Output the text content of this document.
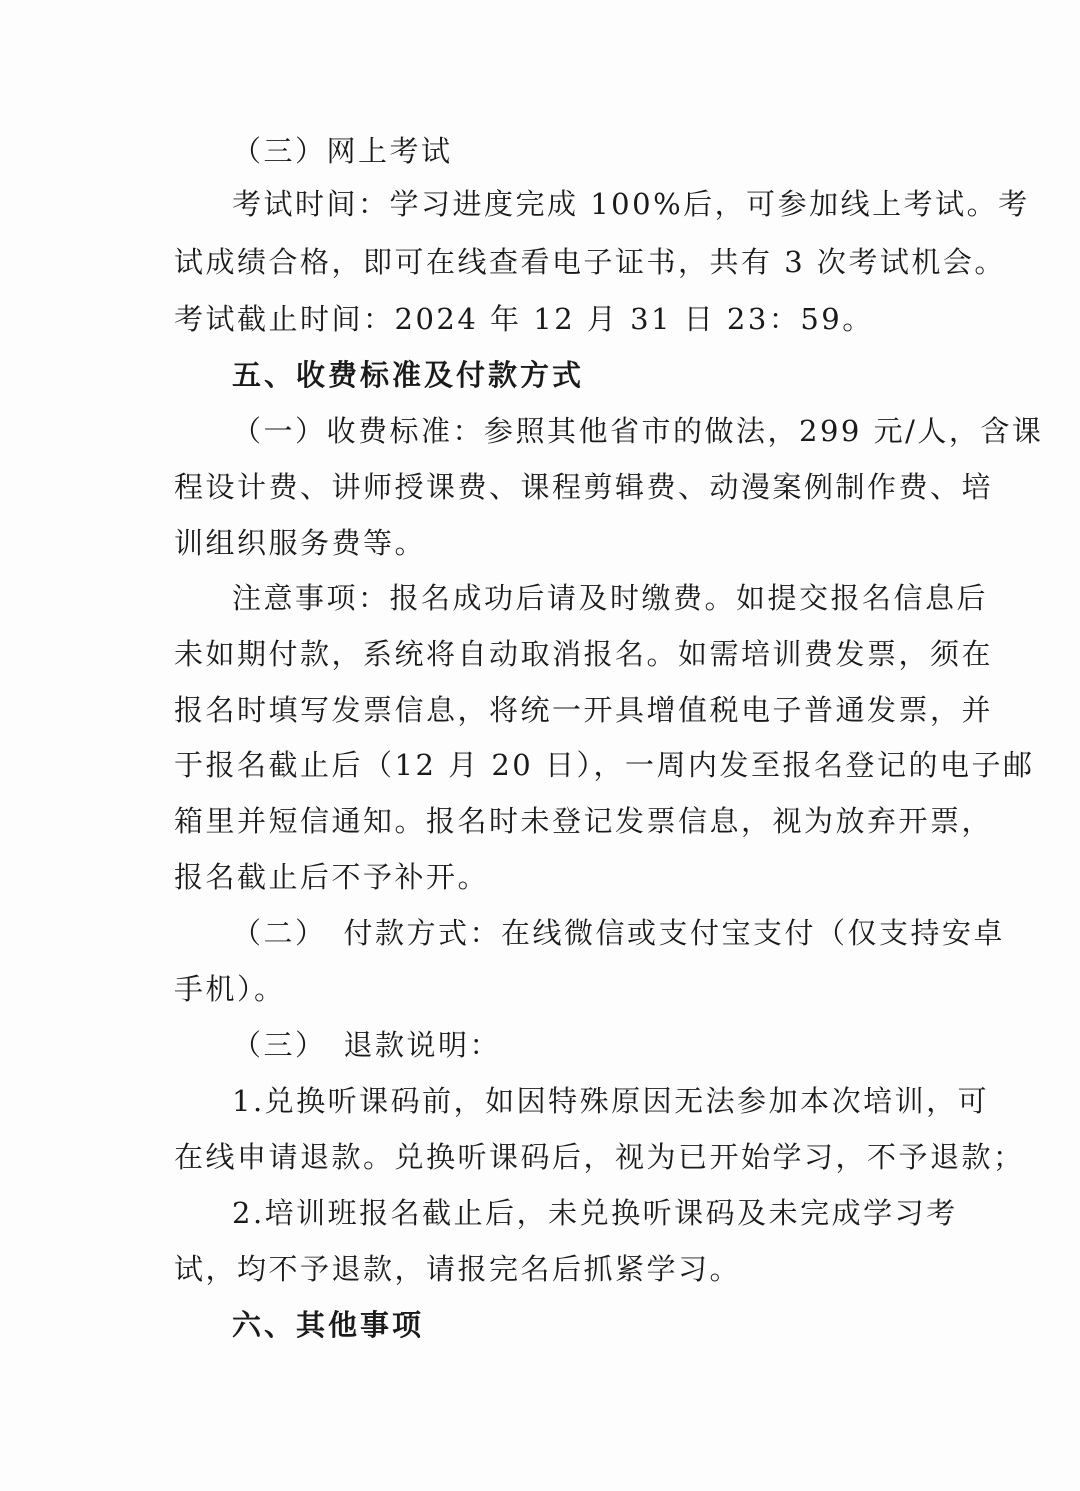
（三）网上考试
考试时间：学习进度完成 100%后，可参加线上考试。考
试成绩合格，即可在线查看电子证书，共有 3 次考试机会。
考试截止时间：2024 年 12 月 31 日 23：59。
五、收费标准及付款方式
（一）收费标准：参照其他省市的做法，299 元/人，含课
程设计费、讲师授课费、课程剪辑费、动漫案例制作费、培
训组织服务费等。
注意事项：报名成功后请及时缴费。如提交报名信息后
未如期付款，系统将自动取消报名。如需培训费发票，须在
报名时填写发票信息，将统一开具增值税电子普通发票，并
于报名截止后（12 月 20 日），一周内发至报名登记的电子邮
箱里并短信通知。报名时未登记发票信息，视为放弃开票，
报名截止后不予补开。
（二）　付款方式：在线微信或支付宝支付（仅支持安卓
手机）。
（三）　退款说明：
1.兑换听课码前，如因特殊原因无法参加本次培训，可
在线申请退款。兑换听课码后，视为已开始学习，不予退款；
2.培训班报名截止后，未兑换听课码及未完成学习考
试，均不予退款，请报完名后抓紧学习。
六、其他事项
